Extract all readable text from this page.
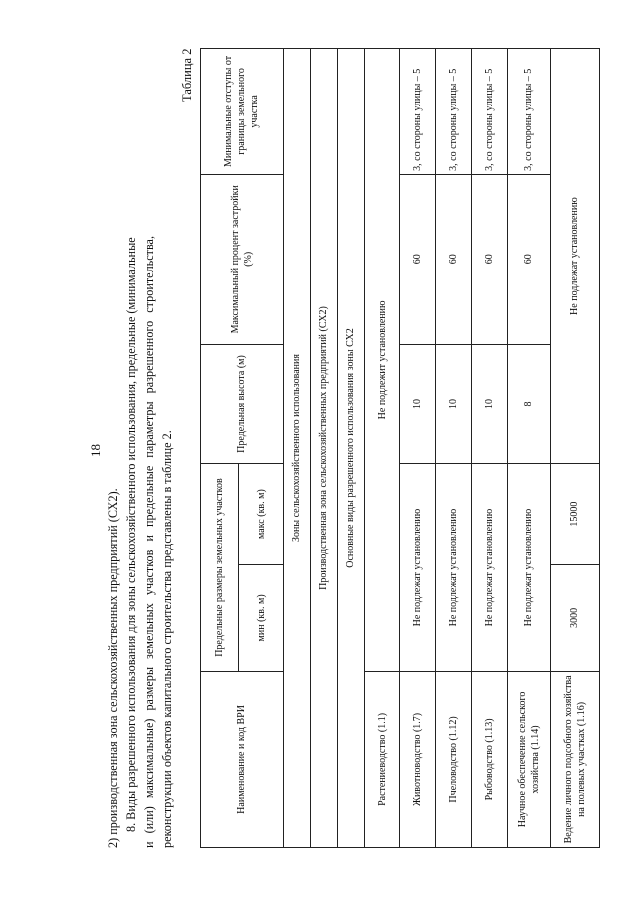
18
2) производственная зона сельскохозяйственных предприятий (СХ2). 8. Виды разрешенного использования для зоны сельскохозяйственного использования, предельные (минимальные и (или) максимальные) размеры земельных участков и предельные параметры разрешенного строительства, реконструкции объектов капитального строительства представлены в таблице 2.
Таблица 2
Наименование и код ВРИ	Предельные размеры земельных участков		Предельная высота (м)	Максимальный процент застройки (%)	Минимальные отступы от границы земельного участка
	мин (кв. м)	макс (кв. м)			
Зоны сельскохозяйственного использования					
Производственная зона сельскохозяйственных предприятий (СХ2)					
Основные виды разрешенного использования зоны СХ2					
Растениеводство (1.1)	Не подлежит установлению				
Животноводство (1.7)	Не подлежат установлению		10	60	3, со стороны улицы – 5
Пчеловодство (1.12)	Не подлежат установлению		10	60	3, со стороны улицы – 5
Рыбоводство (1.13)	Не подлежат установлению		10	60	3, со стороны улицы – 5
Научное обеспечение сельского хозяйства (1.14)	Не подлежат установлению		8	60	3, со стороны улицы – 5
Ведение личного подсобного хозяйства на полевых участках (1.16)	3000	15000	Не подлежат установлению		
